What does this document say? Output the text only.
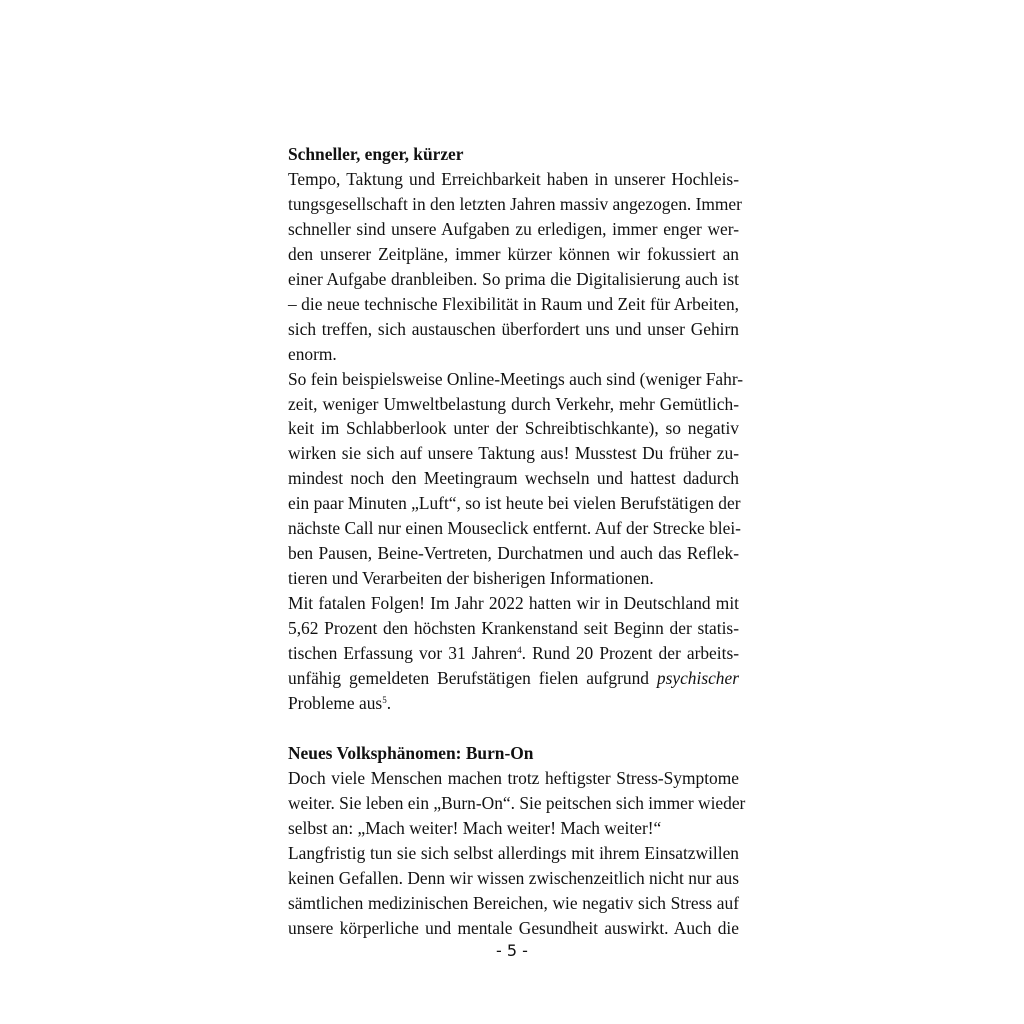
Schneller, enger, kürzer
Tempo, Taktung und Erreichbarkeit haben in unserer Hochleis-
tungsgesellschaft in den letzten Jahren massiv angezogen. Immer
schneller sind unsere Aufgaben zu erledigen, immer enger wer-
den unserer Zeitpläne, immer kürzer können wir fokussiert an
einer Aufgabe dranbleiben. So prima die Digitalisierung auch ist
– die neue technische Flexibilität in Raum und Zeit für Arbeiten,
sich treffen, sich austauschen überfordert uns und unser Gehirn
enorm.
So fein beispielsweise Online-Meetings auch sind (weniger Fahr-
zeit, weniger Umweltbelastung durch Verkehr, mehr Gemütlich-
keit im Schlabberlook unter der Schreibtischkante), so negativ
wirken sie sich auf unsere Taktung aus! Musstest Du früher zu-
mindest noch den Meetingraum wechseln und hattest dadurch
ein paar Minuten „Luft“, so ist heute bei vielen Berufstätigen der
nächste Call nur einen Mouseclick entfernt. Auf der Strecke blei-
ben Pausen, Beine-Vertreten, Durchatmen und auch das Reflek-
tieren und Verarbeiten der bisherigen Informationen.
Mit fatalen Folgen! Im Jahr 2022 hatten wir in Deutschland mit
5,62 Prozent den höchsten Krankenstand seit Beginn der statis-
tischen Erfassung vor 31 Jahren$^4$. Rund 20 Prozent der arbeits-
unfähig gemeldeten Berufstätigen fielen aufgrund psychischer
Probleme aus$^5$.
Neues Volksphänomen: Burn-On
Doch viele Menschen machen trotz heftigster Stress-Symptome
weiter. Sie leben ein „Burn-On“. Sie peitschen sich immer wieder
selbst an: „Mach weiter! Mach weiter! Mach weiter!“
Langfristig tun sie sich selbst allerdings mit ihrem Einsatzwillen
keinen Gefallen. Denn wir wissen zwischenzeitlich nicht nur aus
sämtlichen medizinischen Bereichen, wie negativ sich Stress auf
unsere körperliche und mentale Gesundheit auswirkt. Auch die
- 5 -
